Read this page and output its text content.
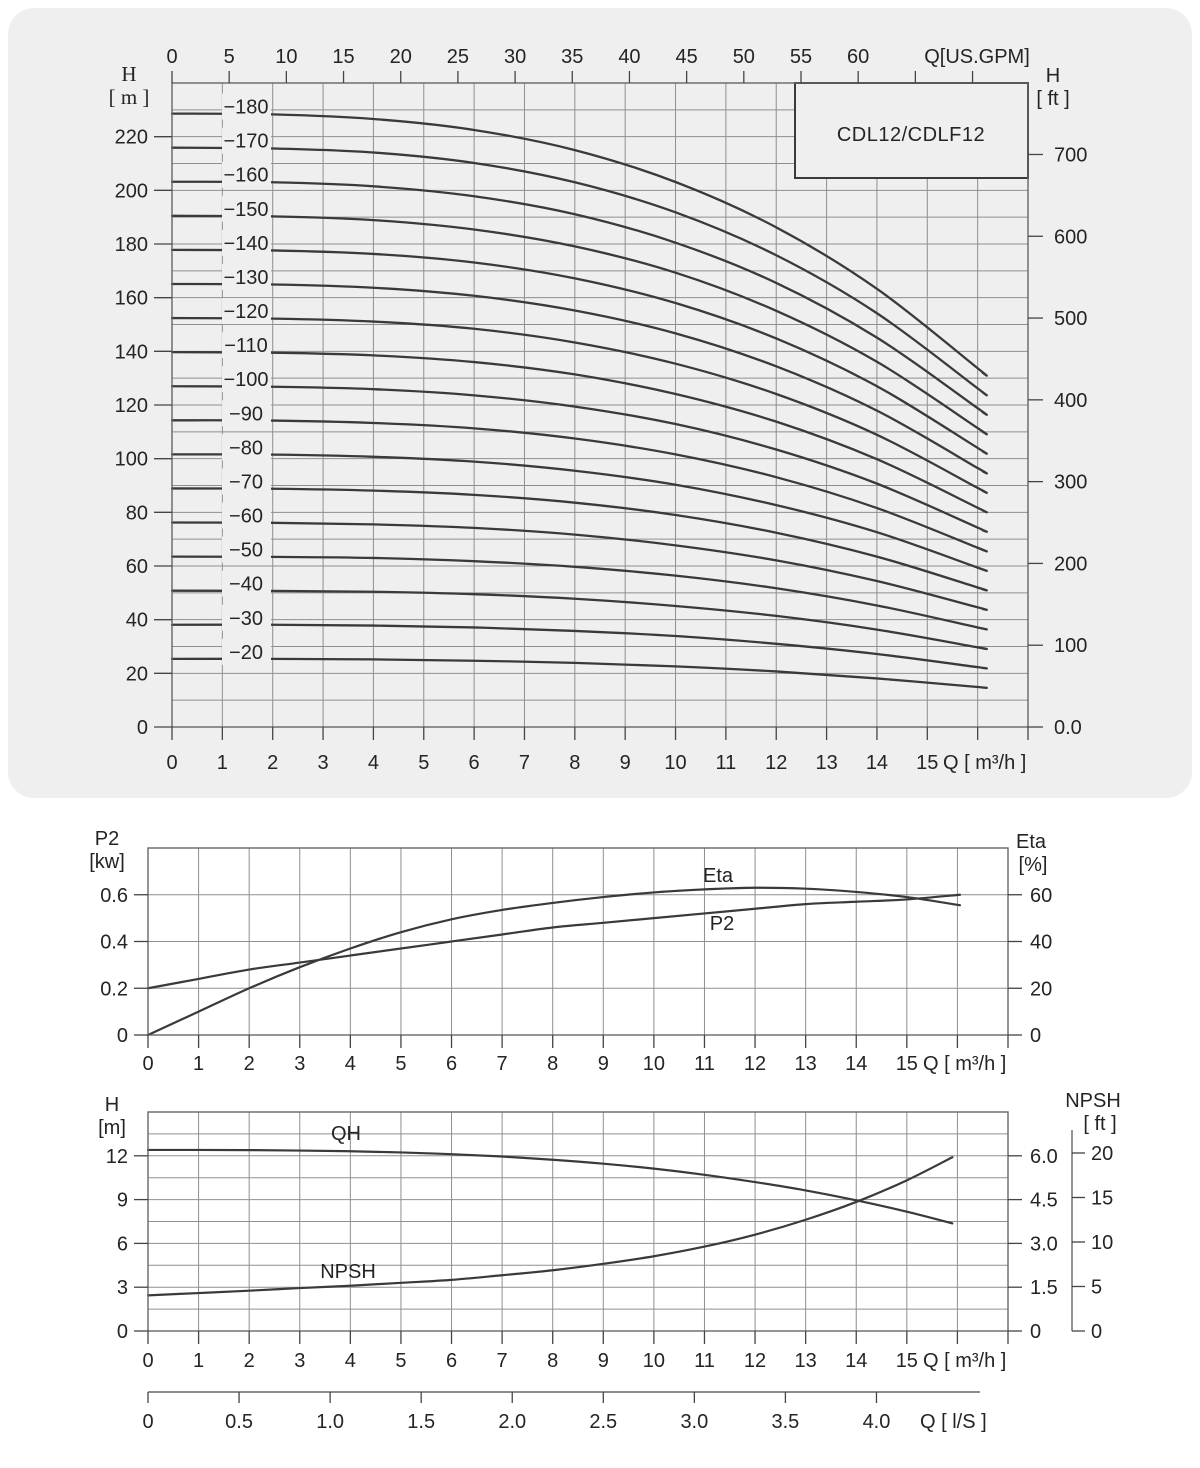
−180
−170
−160
−150
−140
−130
−120
−110
−100
−90
−80
−70
−60
−50
−40
−30
−20
CDL12/CDLF12
0 5 10 15 20 25 30 35 40 45 50 55 60	Q[US.GPM]
0
20
40
60
80
100
120
140
160
180
200
220
H
[ m ]
0.0
100
200
300
400
500
600
700
H
[ ft ]
0 1 2 3 4 5 6 7 8 9 10 11 12 13 14 15 Q [ m³/h ]
Eta
P2
0.6
0.4
0.2
0
P2
[kw]
60
40
20
0
Eta
[%]
0 1 2 3 4 5 6 7 8 9 10 11 12 13 14 15 Q [ m³/h ]
QH
NPSH
12
9
6
3
0
H
[m]
6.0
4.5
3.0
1.5
0
20
15
10
5
0
NPSH
[ ft ]
0 1 2 3 4 5 6 7 8 9 10 11 12 13 14 15 Q [ m³/h ]
0	0.5	1.0	1.5	2.0	2.5	3.0	3.5	4.0 Q [ l/S ]
